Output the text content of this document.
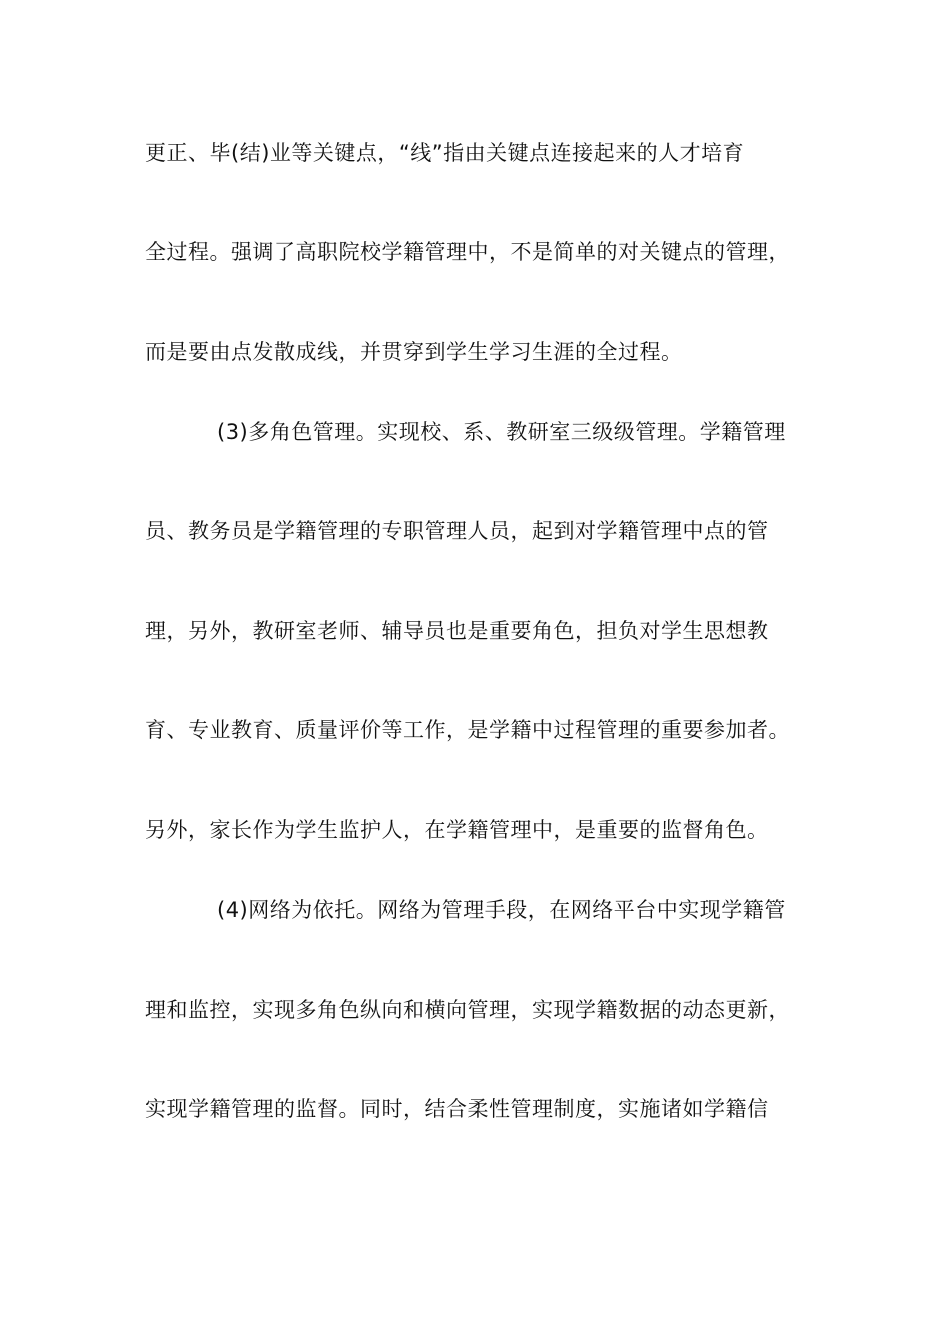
更正、毕(结)业等关键点，“线”指由关键点连接起来的人才培育
全过程。强调了高职院校学籍管理中，不是简单的对关键点的管理，
而是要由点发散成线，并贯穿到学生学习生涯的全过程。
(3)多角色管理。实现校、系、教研室三级级管理。学籍管理
员、教务员是学籍管理的专职管理人员，起到对学籍管理中点的管
理，另外，教研室老师、辅导员也是重要角色，担负对学生思想教
育、专业教育、质量评价等工作，是学籍中过程管理的重要参加者。
另外，家长作为学生监护人，在学籍管理中，是重要的监督角色。
(4)网络为依托。网络为管理手段，在网络平台中实现学籍管
理和监控，实现多角色纵向和横向管理，实现学籍数据的动态更新，
实现学籍管理的监督。同时，结合柔性管理制度，实施诸如学籍信
